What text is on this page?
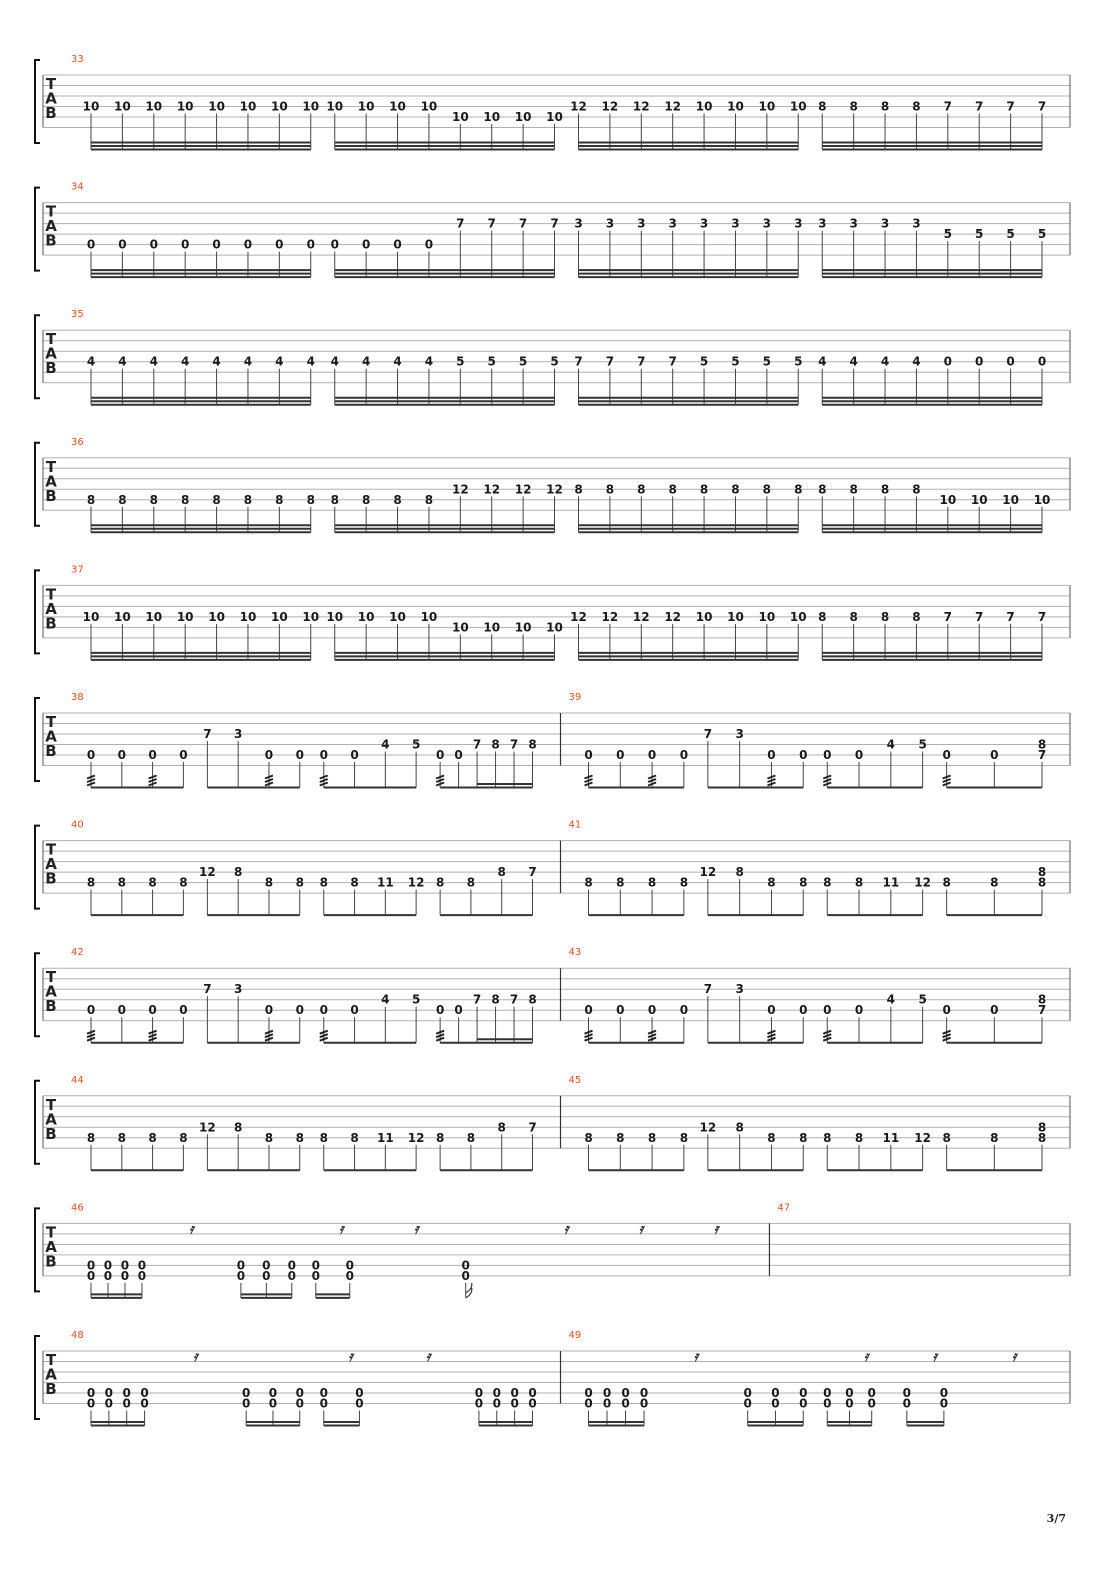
T
A
B
33
10 10 10 10 10 10 10 10 10 10 10 10
10 10 10 10
12 12 12 12 10 10 10 10 8 8 8 8 7 7 7 7
T
A
B
34
0 0 0 0 0 0 0 0 0 0 0 0
7 7 7 7 3 3 3 3 3 3 3 3 3 3 3 3
5 5 5 5
T
A
B
35
4 4 4 4 4 4 4 4 4 4 4 4 5 5 5 5 7 7 7 7 5 5 5 5 4 4 4 4 0 0 0 0
T
A
B
36
8 8 8 8 8 8 8 8 8 8 8 8
12 12 12 12 8 8 8 8 8 8 8 8 8 8 8 8
10 10 10 10
T
A
B
37
10 10 10 10 10 10 10 10 10 10 10 10
10 10 10 10
12 12 12 12 10 10 10 10 8 8 8 8 7 7 7 7
T
A
B
38
0 0 0 0
7 3
0 0 0 0
4 5
0 0
7 8 7 8
39
0 0 0 0
7 3
0 0 0 0
4 5
0	0
8
7
T
A
B
40
8 8 8 8
12 8
8 8 8 8 11 12 8 8
8 7
41
8 8 8 8
12 8
8 8 8 8 11 12 8	8
8
8
T
A
B
42
0 0 0 0
7 3
0 0 0 0
4 5
0 0
7 8 7 8
43
0 0 0 0
7 3
0 0 0 0
4 5
0	0
8
7
T
A
B
44
8 8 8 8
12 8
8 8 8 8 11 12 8 8
8 7
45
8 8 8 8
12 8
8 8 8 8 11 12 8	8
8
8
T
A
B
46
0
0
0
0
0
0
0
0
𝄿
0
0
0
0
0
0
0
0
0
0
𝄿	𝄿
0
0
𝄿	𝄿	𝄿
47
T
A
B
48
0
0
0
0
0
0
0
0
𝄿
0
0
0
0
0
0
0
0
0
0
𝄿	𝄿
0
0
0
0
0
0
0
0
49
0
0
0
0
0
0
0
0
𝄿
0
0
0
0
0
0
0
0
0
0
0
0
𝄿
0
0
0
0
𝄿	𝄿
3/7
